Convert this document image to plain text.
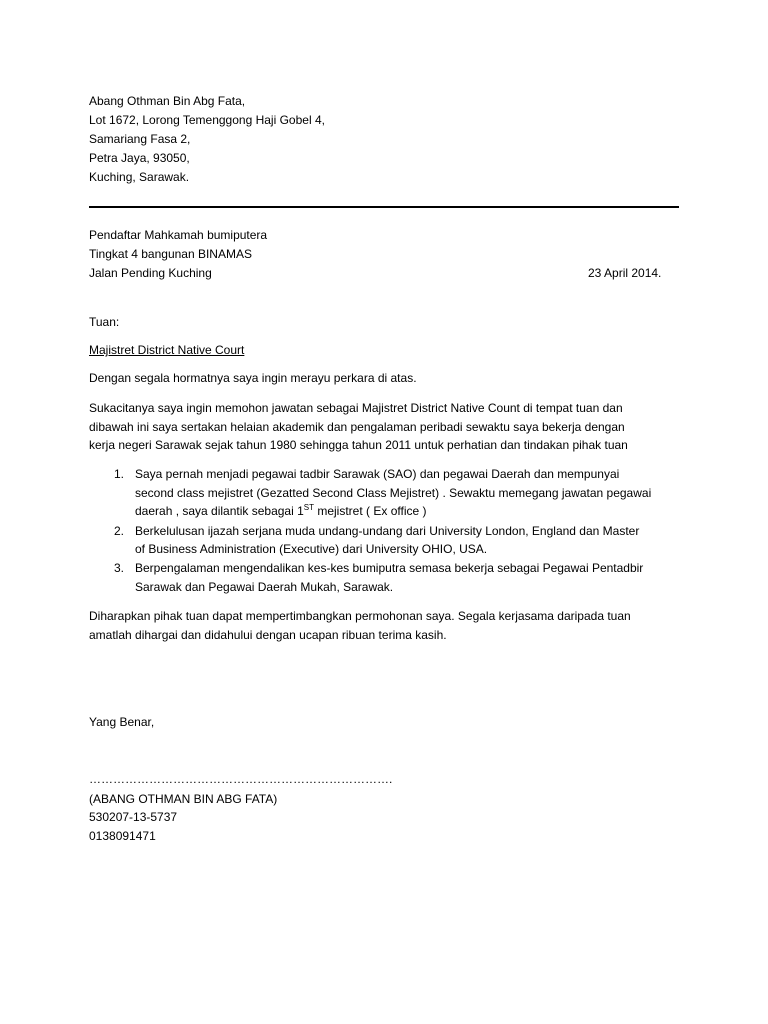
Abang Othman Bin Abg Fata,
Lot 1672, Lorong Temenggong Haji Gobel 4,
Samariang Fasa 2,
Petra Jaya, 93050,
Kuching, Sarawak.
Pendaftar Mahkamah bumiputera
Tingkat 4 bangunan BINAMAS
Jalan Pending Kuching	23 April 2014.
Tuan:
Majistret District Native Court
Dengan segala hormatnya saya ingin merayu perkara di atas.
Sukacitanya saya ingin memohon jawatan sebagai Majistret District Native Count di tempat tuan dan
dibawah ini saya sertakan helaian akademik dan pengalaman peribadi sewaktu saya bekerja dengan
kerja negeri Sarawak sejak tahun 1980 sehingga tahun 2011 untuk perhatian dan tindakan pihak tuan
1. Saya pernah menjadi pegawai tadbir Sarawak (SAO) dan pegawai Daerah dan mempunyai
second class mejistret (Gezatted Second Class Mejistret) . Sewaktu memegang jawatan pegawai
daerah , saya dilantik sebagai 1ST mejistret ( Ex office )
2. Berkelulusan ijazah serjana muda undang-undang dari University London, England dan Master
of Business Administration (Executive) dari University OHIO, USA.
3. Berpengalaman mengendalikan kes-kes bumiputra semasa bekerja sebagai Pegawai Pentadbir
Sarawak dan Pegawai Daerah Mukah, Sarawak.
Diharapkan pihak tuan dapat mempertimbangkan permohonan saya. Segala kerjasama daripada tuan
amatlah dihargai dan didahului dengan ucapan ribuan terima kasih.
Yang Benar,
………………………………………………………………….
(ABANG OTHMAN BIN ABG FATA)
530207-13-5737
0138091471
